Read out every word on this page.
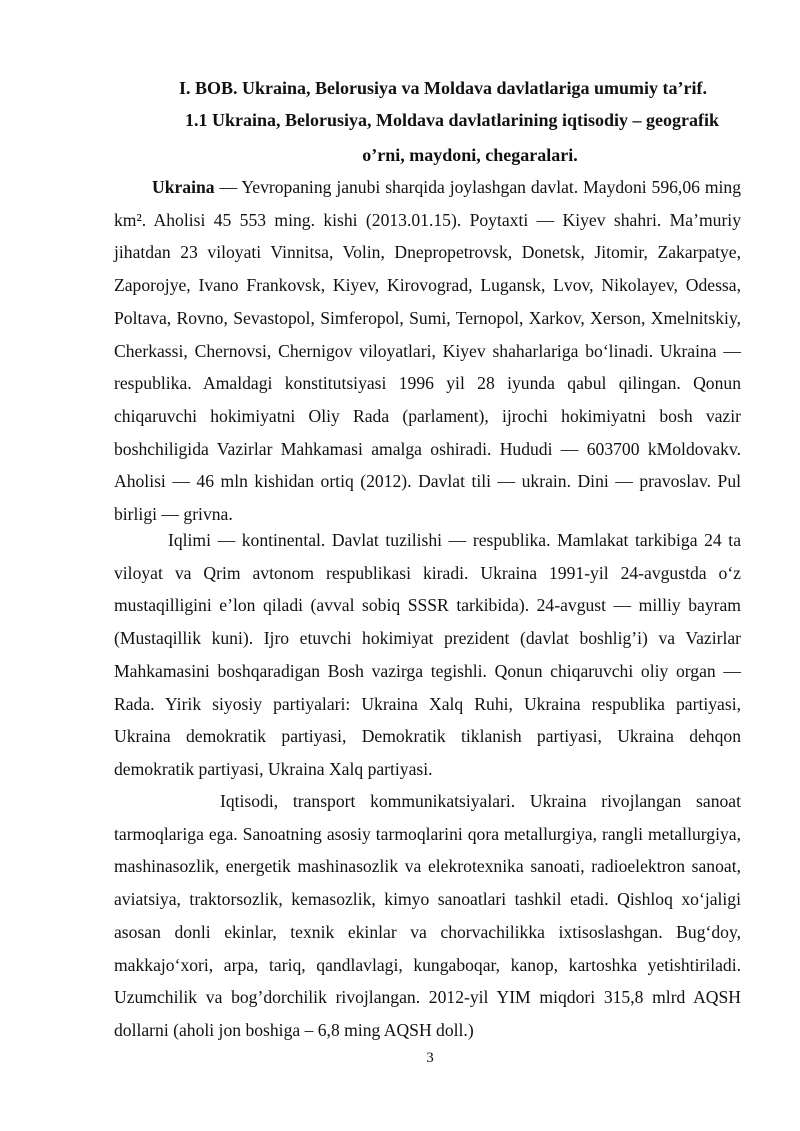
I. BOB. Ukraina, Belorusiya va Moldava davlatlariga umumiy ta’rif.
1.1 Ukraina, Belorusiya, Moldava davlatlarining iqtisodiy – geografik
o’rni, maydoni, chegaralari.

Ukraina — Yevropaning janubi sharqida joylashgan davlat. Maydoni 596,06 ming km². Aholisi 45 553 ming. kishi (2013.01.15). Poytaxti — Kiyev shahri. Ma’muriy jihatdan 23 viloyati Vinnitsa, Volin, Dnepropetrovsk, Donetsk, Jitomir, Zakarpatye, Zaporojye, Ivano Frankovsk, Kiyev, Kirovograd, Lugansk, Lvov, Nikolayev, Odessa, Poltava, Rovno, Sevastopol, Simferopol, Sumi, Ternopol, Xarkov, Xerson, Xmelnitskiy, Cherkassi, Chernovsi, Chernigov viloyatlari, Kiyev shaharlariga boʻlinadi. Ukraina — respublika. Amaldagi konstitutsiyasi 1996 yil 28 iyunda qabul qilingan. Qonun chiqaruvchi hokimiyatni Oliy Rada (parlament), ijrochi hokimiyatni bosh vazir boshchiligida Vazirlar Mahkamasi amalga oshiradi. Hududi — 603700 kMoldovakv. Aholisi — 46 mln kishidan ortiq (2012). Davlat tili — ukrain. Dini — pravoslav. Pul birligi — grivna.

Iqlimi — kontinental. Davlat tuzilishi — respublika. Mamlakat tarkibiga 24 ta viloyat va Qrim avtonom respublikasi kiradi. Ukraina 1991-yil 24-avgustda oʻz mustaqilligini e’lon qiladi (avval sobiq SSSR tarkibida). 24-avgust — milliy bayram (Mustaqillik kuni). Ijro etuvchi hokimiyat prezident (davlat boshlig’i) va Vazirlar Mahkamasini boshqaradigan Bosh vazirga tegishli. Qonun chiqaruvchi oliy organ — Rada. Yirik siyosiy partiyalari: Ukraina Xalq Ruhi, Ukraina respublika partiyasi, Ukraina demokratik partiyasi, Demokratik tiklanish partiyasi, Ukraina dehqon demokratik partiyasi, Ukraina Xalq partiyasi.

Iqtisodi, transport kommunikatsiyalari. Ukraina rivojlangan sanoat tarmoqlariga ega. Sanoatning asosiy tarmoqlarini qora metallurgiya, rangli metallurgiya, mashinasozlik, energetik mashinasozlik va elekrotexnika sanoati, radioelektron sanoat, aviatsiya, traktorsozlik, kemasozlik, kimyo sanoatlari tashkil etadi. Qishloq xoʻjaligi asosan donli ekinlar, texnik ekinlar va chorvachilikka ixtisoslashgan. Bugʻdoy, makkajoʻxori, arpa, tariq, qandlavlagi, kungaboqar, kanop, kartoshka yetishtiriladi. Uzumchilik va bog’dorchilik rivojlangan. 2012-yil YIM miqdori 315,8 mlrd AQSH dollarni (aholi jon boshiga – 6,8 ming AQSH doll.)

3
